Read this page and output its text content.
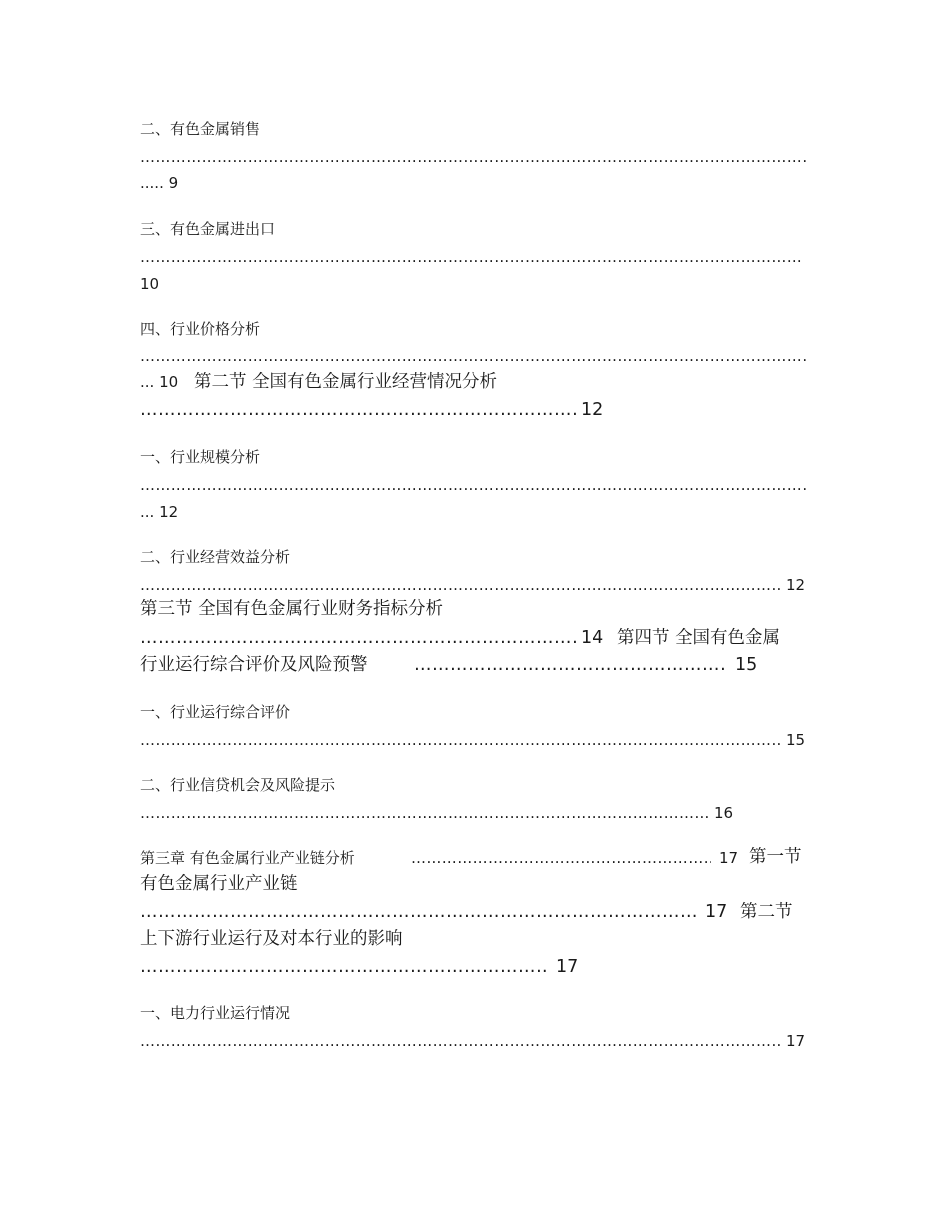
二、有色金属销售
…………………………………………………………………………………………………………………………………………………………………………………………………………………………………
..... 9
三、有色金属进出口
…………………………………………………………………………………………………………………………………………………………………………………………………………………………………
10
四、行业价格分析
…………………………………………………………………………………………………………………………………………………………………………………………………………………………………
... 10 第二节 全国有色金属行业经营情况分析
…………………………………………………………………………………………………………………………………………………………………………………………………………………………………
12
一、行业规模分析
…………………………………………………………………………………………………………………………………………………………………………………………………………………………………
... 12
二、行业经营效益分析
…………………………………………………………………………………………………………………………………………………………………………………………………………………………………
12
第三节 全国有色金属行业财务指标分析
…………………………………………………………………………………………………………………………………………………………………………………………………………………………………
14 第四节 全国有色金属
行业运行综合评价及风险预警 …………………………………………………………………………………………………………………………………………………………………………………………………………………………………	15
一、行业运行综合评价
…………………………………………………………………………………………………………………………………………………………………………………………………………………………………
15
二、行业信贷机会及风险提示
…………………………………………………………………………………………………………………………………………………………………………………………………………………………………
16
第三章 有色金属行业产业链分析 …………………………………………………………………………………………………………………………………………………………………………………………………………………………………	17 第一节
有色金属行业产业链
…………………………………………………………………………………………………………………………………………………………………………………………………………………………………
17 第二节
上下游行业运行及对本行业的影响
…………………………………………………………………………………………………………………………………………………………………………………………………………………………………
17
一、电力行业运行情况
…………………………………………………………………………………………………………………………………………………………………………………………………………………………………
17
